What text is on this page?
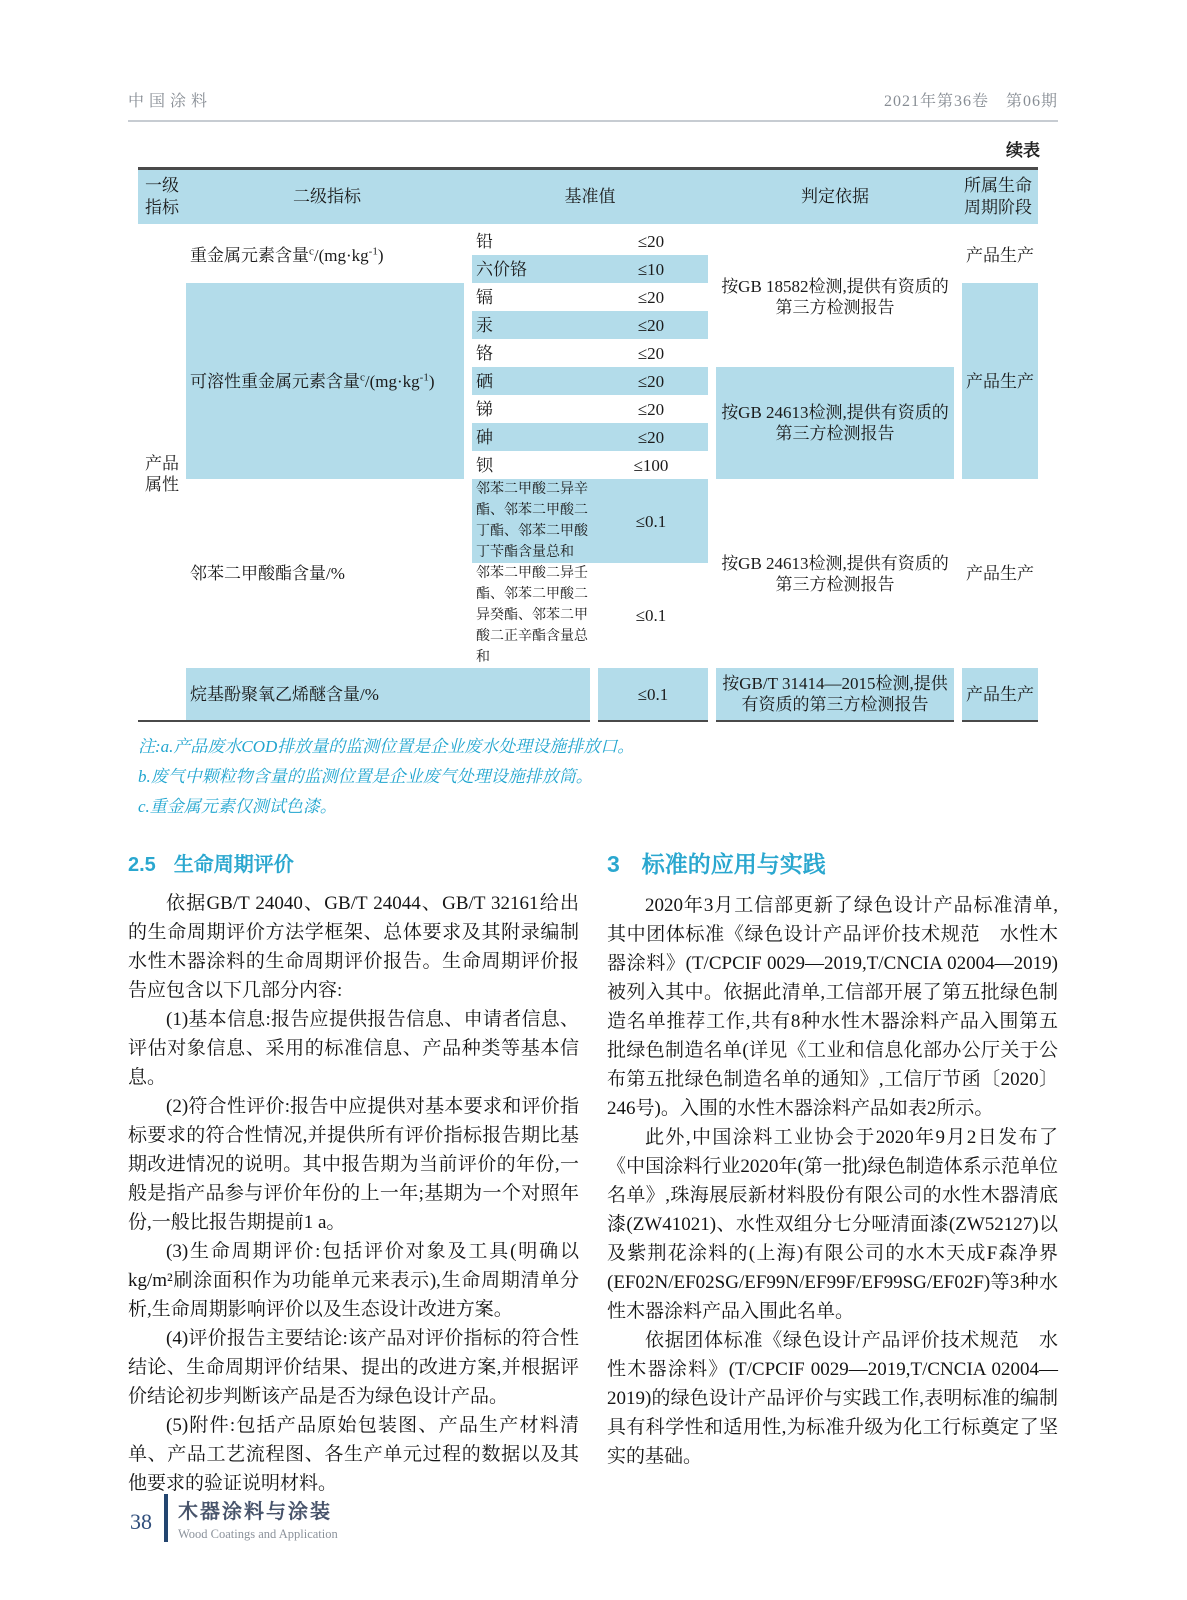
中国涂料	2021年第36卷　第06期
续表
一级指标	二级指标	基准值		判定依据	所属生命周期阶段
产品属性	重金属元素含量$^c/(mg\cdot kg^{-1})$	铅	≤20	按GB 18582检测,提供有资质的第三方检测报告	产品生产
		六价铬	≤10		
	可溶性重金属元素含量$^c/(mg\cdot kg^{-1})$	镉	≤20		产品生产
		汞	≤20		
		铬	≤20		
		硒	≤20	按GB 24613检测,提供有资质的第三方检测报告	
		锑	≤20		
		砷	≤20		
		钡	≤100		
	邻苯二甲酸酯含量/%	邻苯二甲酸二异辛酯、邻苯二甲酸二丁酯、邻苯二甲酸丁苄酯含量总和	≤0.1	按GB 24613检测,提供有资质的第三方检测报告	产品生产
		邻苯二甲酸二异壬酯、邻苯二甲酸二异癸酯、邻苯二甲酸二正辛酯含量总和	≤0.1		
	烷基酚聚氧乙烯醚含量/%		≤0.1	按GB/T 31414—2015检测,提供有资质的第三方检测报告	产品生产
注:a.产品废水COD排放量的监测位置是企业废水处理设施排放口。
b.废气中颗粒物含量的监测位置是企业废气处理设施排放筒。
c.重金属元素仅测试色漆。
2.5 生命周期评价

依据GB/T 24040、GB/T 24044、GB/T 32161给出的生命周期评价方法学框架、总体要求及其附录编制水性木器涂料的生命周期评价报告。生命周期评价报告应包含以下几部分内容:

(1)基本信息:报告应提供报告信息、申请者信息、评估对象信息、采用的标准信息、产品种类等基本信息。

(2)符合性评价:报告中应提供对基本要求和评价指标要求的符合性情况,并提供所有评价指标报告期比基期改进情况的说明。其中报告期为当前评价的年份,一般是指产品参与评价年份的上一年;基期为一个对照年份,一般比报告期提前1 a。

(3)生命周期评价:包括评价对象及工具(明确以kg/m²刷涂面积作为功能单元来表示),生命周期清单分析,生命周期影响评价以及生态设计改进方案。

(4)评价报告主要结论:该产品对评价指标的符合性结论、生命周期评价结果、提出的改进方案,并根据评价结论初步判断该产品是否为绿色设计产品。

(5)附件:包括产品原始包装图、产品生产材料清单、产品工艺流程图、各生产单元过程的数据以及其他要求的验证说明材料。

3 标准的应用与实践

2020年3月工信部更新了绿色设计产品标准清单,其中团体标准《绿色设计产品评价技术规范　水性木器涂料》(T/CPCIF 0029—2019,T/CNCIA 02004—2019)被列入其中。依据此清单,工信部开展了第五批绿色制造名单推荐工作,共有8种水性木器涂料产品入围第五批绿色制造名单(详见《工业和信息化部办公厅关于公布第五批绿色制造名单的通知》,工信厅节函〔2020〕246号)。入围的水性木器涂料产品如表2所示。

此外,中国涂料工业协会于2020年9月2日发布了《中国涂料行业2020年(第一批)绿色制造体系示范单位名单》,珠海展辰新材料股份有限公司的水性木器清底漆(ZW41021)、水性双组分七分哑清面漆(ZW52127)以及紫荆花涂料的(上海)有限公司的水木天成F森净界(EF02N/EF02SG/EF99N/EF99F/EF99SG/EF02F)等3种水性木器涂料产品入围此名单。

依据团体标准《绿色设计产品评价技术规范　水性木器涂料》(T/CPCIF 0029—2019,T/CNCIA 02004—2019)的绿色设计产品评价与实践工作,表明标准的编制具有科学性和适用性,为标准升级为化工行标奠定了坚实的基础。

38 木器涂料与涂装
Wood Coatings and Application
